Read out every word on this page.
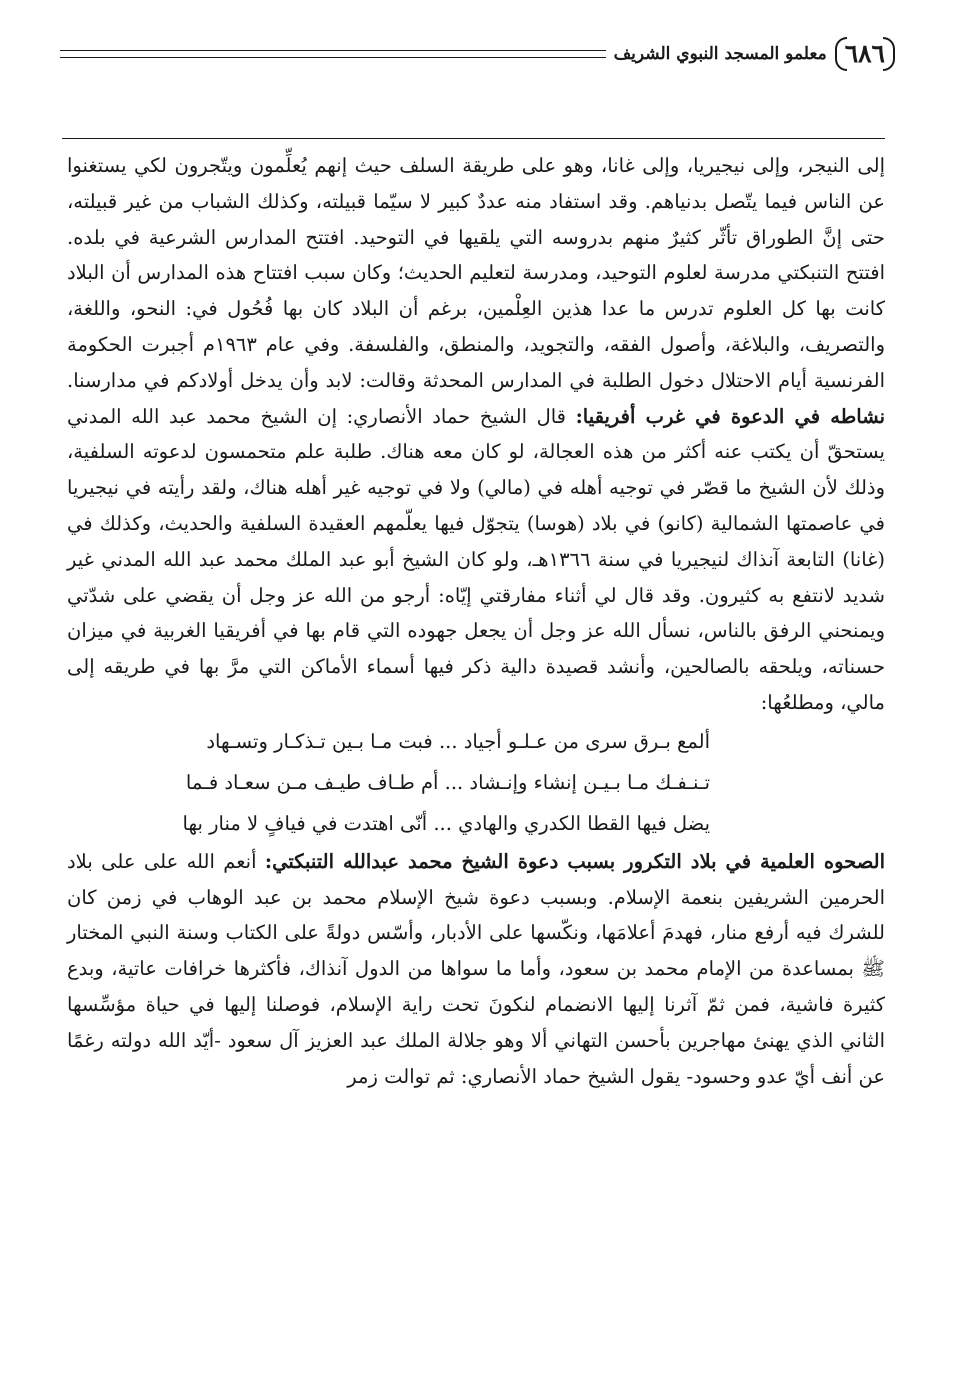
٦٨٦
معلمو المسجد النبوي الشريف

إلى النيجر، وإلى نيجيريا، وإلى غانا، وهو على طريقة السلف حيث إنهم يُعلِّمون ويتّجرون لكي يستغنوا عن الناس فيما يتّصل بدنياهم. وقد استفاد منه عددٌ كبير لا سيّما قبيلته، وكذلك الشباب من غير قبيلته، حتى إنَّ الطوراق تأثّر كثيرٌ منهم بدروسه التي يلقيها في التوحيد. افتتح المدارس الشرعية في بلده. افتتح التنبكتي مدرسة لعلوم التوحيد، ومدرسة لتعليم الحديث؛ وكان سبب افتتاح هذه المدارس أن البلاد كانت بها كل العلوم تدرس ما عدا هذين العِلْمين، برغم أن البلاد كان بها فُحُول في: النحو، واللغة، والتصريف، والبلاغة، وأصول الفقه، والتجويد، والمنطق، والفلسفة. وفي عام ١٩٦٣م أجبرت الحكومة الفرنسية أيام الاحتلال دخول الطلبة في المدارس المحدثة وقالت: لابد وأن يدخل أولادكم في مدارسنا. نشاطه في الدعوة في غرب أفريقيا: قال الشيخ حماد الأنصاري: إن الشيخ محمد عبد الله المدني يستحقّ أن يكتب عنه أكثر من هذه العجالة، لو كان معه هناك. طلبة علم متحمسون لدعوته السلفية، وذلك لأن الشيخ ما قصّر في توجيه أهله في (مالي) ولا في توجيه غير أهله هناك، ولقد رأيته في نيجيريا في عاصمتها الشمالية (كانو) في بلاد (هوسا) يتجوّل فيها يعلّمهم العقيدة السلفية والحديث، وكذلك في (غانا) التابعة آنذاك لنيجيريا في سنة ١٣٦٦هـ، ولو كان الشيخ أبو عبد الملك محمد عبد الله المدني غير شديد لانتفع به كثيرون. وقد قال لي أثناء مفارقتي إيّاه: أرجو من الله عز وجل أن يقضي على شدّتي ويمنحني الرفق بالناس، نسأل الله عز وجل أن يجعل جهوده التي قام بها في أفريقيا الغربية في ميزان حسناته، ويلحقه بالصالحين، وأنشد قصيدة دالية ذكر فيها أسماء الأماكن التي مرَّ بها في طريقه إلى مالي، ومطلعُها:

ألمع بـرق سرى من عـلـو أجياد ... فبت مـا بـين تـذكـار وتسـهاد
تـنـفـك مـا بـيـن إنشاء وإنـشاد ... أم طـاف طيـف مـن سعـاد فـما
يضل فيها القطا الكدري والهادي ... أنّى اهتدت في فيافٍ لا منار بها

الصحوه العلمية في بلاد التكرور بسبب دعوة الشيخ محمد عبدالله التنبكتي: أنعم الله على على بلاد الحرمين الشريفين بنعمة الإسلام. وبسبب دعوة شيخ الإسلام محمد بن عبد الوهاب في زمن كان للشرك فيه أرفع منار، فهدمَ أعلامَها، ونكّسها على الأدبار، وأسّس دولةً على الكتاب وسنة النبي المختار ﷺ بمساعدة من الإمام محمد بن سعود، وأما ما سواها من الدول آنذاك، فأكثرها خرافات عاتية، وبدع كثيرة فاشية، فمن ثمّ آثرنا إليها الانضمام لنكونَ تحت راية الإسلام، فوصلنا إليها في حياة مؤسِّسها الثاني الذي يهنئ مهاجرين بأحسن التهاني ألا وهو جلالة الملك عبد العزيز آل سعود -أيّد الله دولته رغمًا عن أنف أيّ عدو وحسود- يقول الشيخ حماد الأنصاري: ثم توالت زمر
